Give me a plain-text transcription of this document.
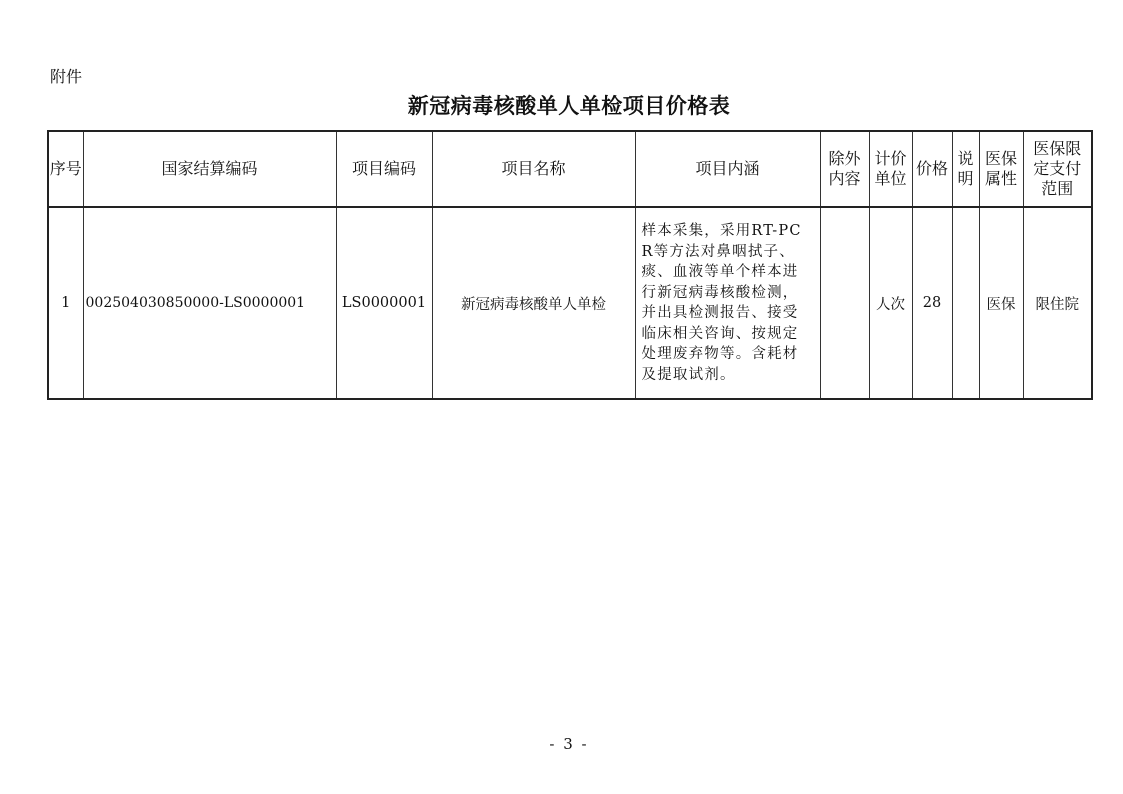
附件
新冠病毒核酸单人单检项目价格表
序号	国家结算编码	项目编码	项目名称	项目内涵	除外内容	计价单位	价格	说明	医保属性	医保限定支付范围
1	002504030850000-LS0000001	LS0000001	新冠病毒核酸单人单检	样本采集，采用RT-PCR等方法对鼻咽拭子、痰、血液等单个样本进行新冠病毒核酸检测，并出具检测报告、接受临床相关咨询、按规定处理废弃物等。含耗材及提取试剂。		人次	28		医保	限住院
- 3 -
